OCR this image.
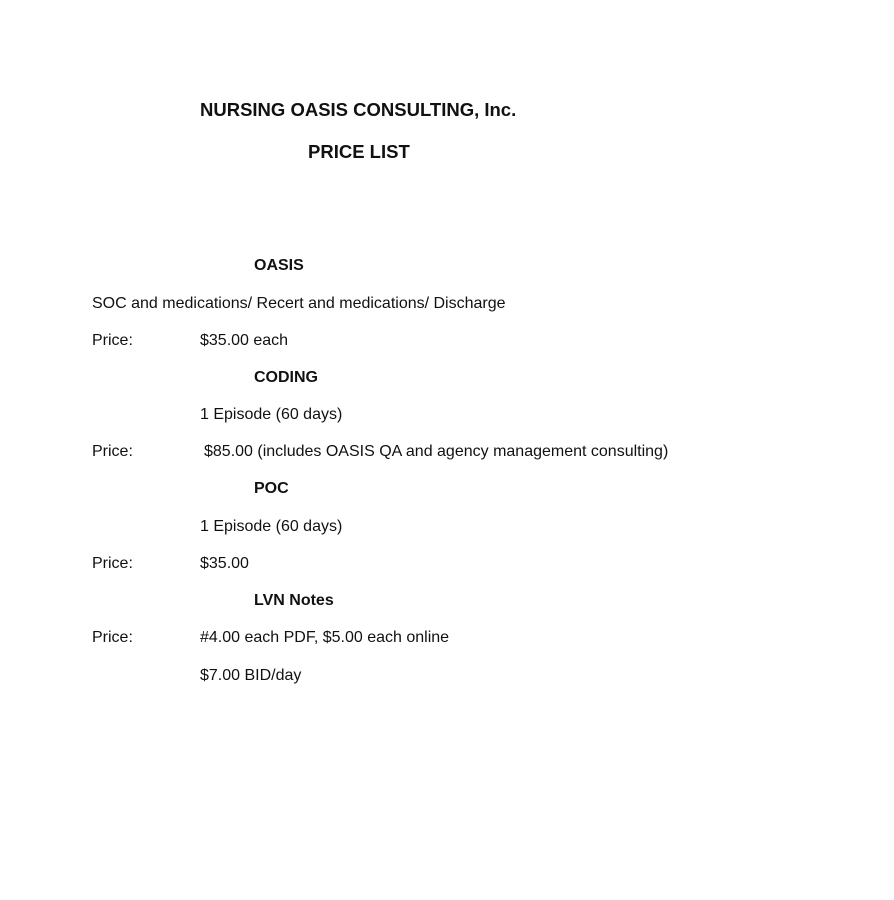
NURSING OASIS CONSULTING, Inc.
PRICE LIST
OASIS
SOC and medications/ Recert and medications/ Discharge
Price:	$35.00 each
CODING
1 Episode (60 days)
Price:	$85.00 (includes OASIS QA and agency management consulting)
POC
1 Episode (60 days)
Price:	$35.00
LVN Notes
Price:	#4.00 each PDF, $5.00 each online
$7.00 BID/day
